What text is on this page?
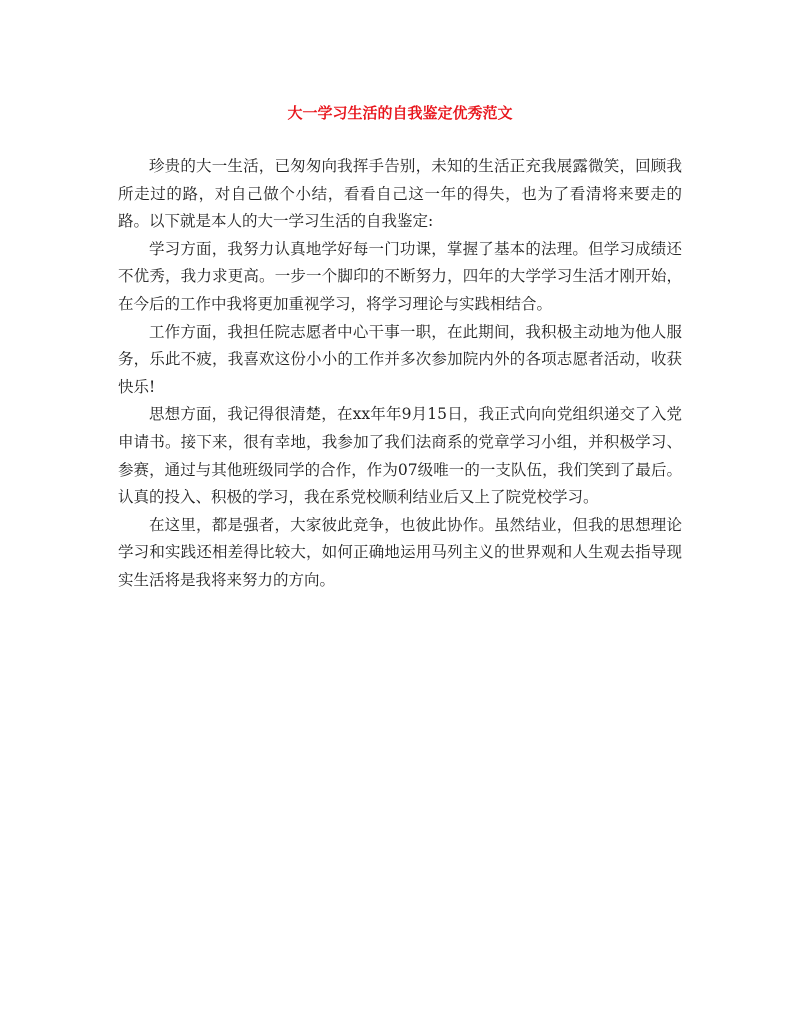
大一学习生活的自我鉴定优秀范文

珍贵的大一生活，已匆匆向我挥手告别，未知的生活正充我展露微笑，回顾我所走过的路，对自己做个小结，看看自己这一年的得失，也为了看清将来要走的路。以下就是本人的大一学习生活的自我鉴定:

学习方面，我努力认真地学好每一门功课，掌握了基本的法理。但学习成绩还不优秀，我力求更高。一步一个脚印的不断努力，四年的大学学习生活才刚开始，在今后的工作中我将更加重视学习，将学习理论与实践相结合。

工作方面，我担任院志愿者中心干事一职，在此期间，我积极主动地为他人服务，乐此不疲，我喜欢这份小小的工作并多次参加院内外的各项志愿者活动，收获快乐!

思想方面，我记得很清楚，在xx年年9月15日，我正式向向党组织递交了入党申请书。接下来，很有幸地，我参加了我们法商系的党章学习小组，并积极学习、参赛，通过与其他班级同学的合作，作为07级唯一的一支队伍，我们笑到了最后。认真的投入、积极的学习，我在系党校顺利结业后又上了院党校学习。

在这里，都是强者，大家彼此竞争，也彼此协作。虽然结业，但我的思想理论学习和实践还相差得比较大，如何正确地运用马列主义的世界观和人生观去指导现实生活将是我将来努力的方向。
